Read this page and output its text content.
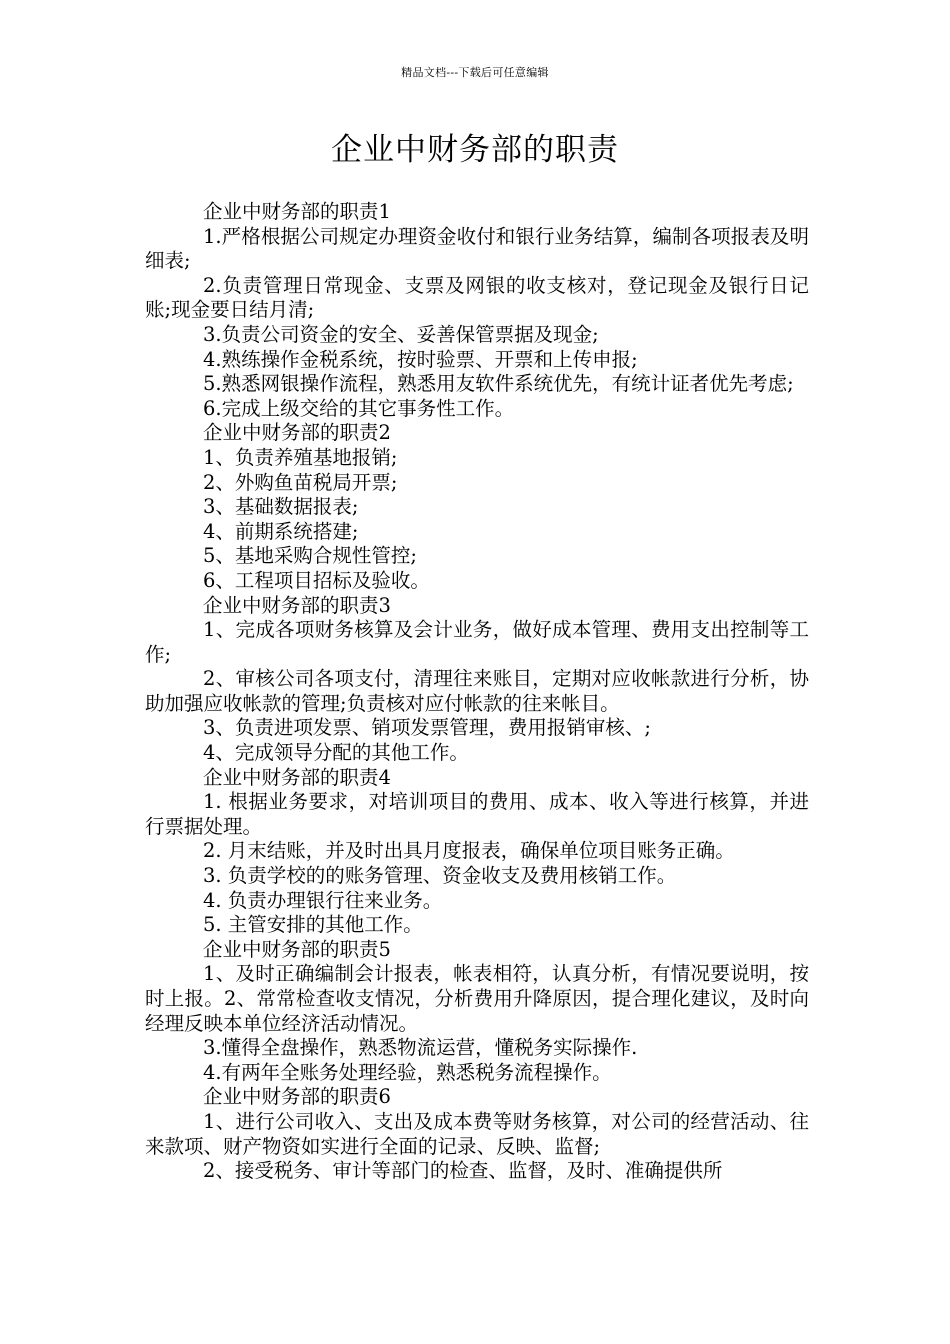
精品文档---下载后可任意编辑
企业中财务部的职责

企业中财务部的职责1

1.严格根据公司规定办理资金收付和银行业务结算，编制各项报表及明细表;

2.负责管理日常现金、支票及网银的收支核对，登记现金及银行日记账;现金要日结月清;

3.负责公司资金的安全、妥善保管票据及现金;

4.熟练操作金税系统，按时验票、开票和上传申报;

5.熟悉网银操作流程，熟悉用友软件系统优先，有统计证者优先考虑;

6.完成上级交给的其它事务性工作。

企业中财务部的职责2

1、负责养殖基地报销;

2、外购鱼苗税局开票;

3、基础数据报表;

4、前期系统搭建;

5、基地采购合规性管控;

6、工程项目招标及验收。

企业中财务部的职责3

1、完成各项财务核算及会计业务，做好成本管理、费用支出控制等工作;

2、审核公司各项支付，清理往来账目，定期对应收帐款进行分析，协助加强应收帐款的管理;负责核对应付帐款的往来帐目。

3、负责进项发票、销项发票管理，费用报销审核、;

4、完成领导分配的其他工作。

企业中财务部的职责4

1. 根据业务要求，对培训项目的费用、成本、收入等进行核算，并进行票据处理。

2. 月末结账，并及时出具月度报表，确保单位项目账务正确。

3. 负责学校的的账务管理、资金收支及费用核销工作。

4. 负责办理银行往来业务。

5. 主管安排的其他工作。

企业中财务部的职责5

1、及时正确编制会计报表，帐表相符，认真分析，有情况要说明，按时上报。2、常常检查收支情况，分析费用升降原因，提合理化建议，及时向经理反映本单位经济活动情况。

3.懂得全盘操作，熟悉物流运营，懂税务实际操作.

4.有两年全账务处理经验，熟悉税务流程操作。

企业中财务部的职责6

1、进行公司收入、支出及成本费等财务核算，对公司的经营活动、往来款项、财产物资如实进行全面的记录、反映、监督;

2、接受税务、审计等部门的检查、监督，及时、准确提供所
